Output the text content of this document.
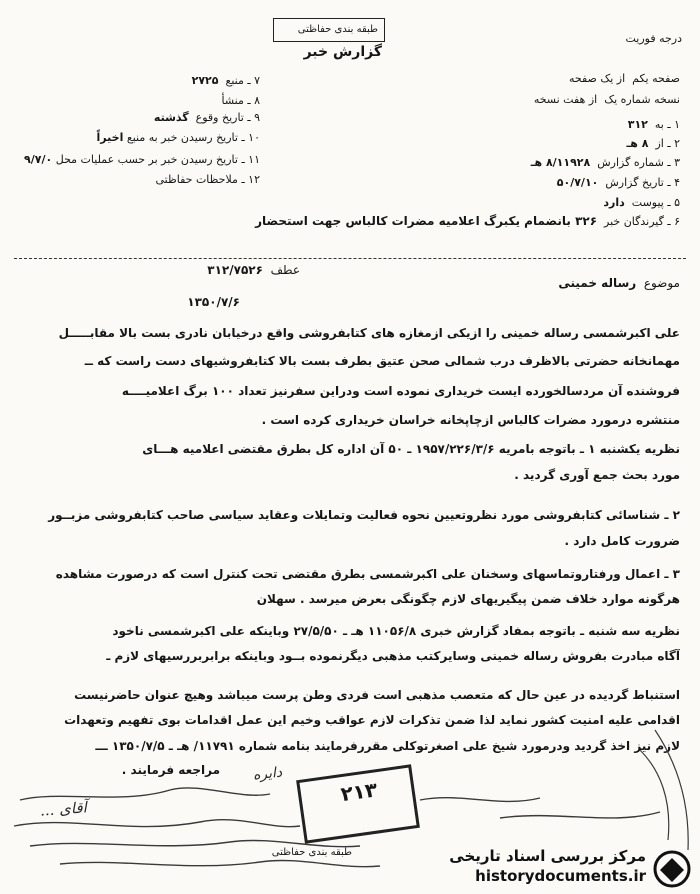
طبقه بندی حفاظتی
گزارش خبر
درجه فوریت
صفحه یکم  از یک صفحه
نسخه شماره یک  از هفت نسخه
۱ ـ به  ۳۱۲
۲ ـ از  ۸ هـ
۳ ـ شماره گزارش  ۸/۱۱۹۲۸ هـ
۴ ـ تاریخ گزارش  ۵۰/۷/۱۰
۵ ـ پیوست  دارد
۶ ـ گیرندگان خبر  ۳۲۶ بانضمام یکبرگ اعلامیه مضرات کالباس جهت استحضار
۷ ـ منبع  ۲۷۲۵
۸ ـ منشأ
۹ ـ تاریخ وقوع  گذشته
۱۰ ـ تاریخ رسیدن خبر به منبع اخیراً
۱۱ ـ تاریخ رسیدن خبر بر حسب عملیات محل ۹/۷/۰
۱۲ ـ ملاحظات حفاظتی
موضوع  رساله خمینی
عطف  ۳۱۲/۷۵۲۶
۱۳۵۰/۷/۶
علی اکبرشمسی رساله خمینی را ازیکی ازمغازه های کتابفروشی واقع درخیابان نادری بست بالا مقابـــــل
مهمانخانه حضرتی بالاظرف درب شمالی صحن عتیق بطرف بست بالا کتابفروشیهای دست راست که ــ
فروشنده آن مردسالخورده ایست خریداری نموده است ودراین سفرنیز تعداد ۱۰۰ برگ اعلامیــــه
منتشره درمورد مضرات کالباس ازچاپخانه خراسان خریداری کرده است .
نظریه یکشنبه ۱ ـ باتوجه بامریه ۱۹۵۷/۲۲۶/۳/۶ ـ ۵۰ آن اداره کل بطرق مقتضی اعلامیه هـــای
مورد بحث جمع آوری گردید .
۲ ـ شناسائی کتابفروشی مورد نظروتعیین نحوه فعالیت وتمایلات وعقاید سیاسی صاحب کتابفروشی مزبــور
ضرورت کامل دارد .
۳ ـ اعمال ورفتاروتماسهای وسخنان علی اکبرشمسی بطرق مقتضی تحت کنترل است که درصورت مشاهده
هرگونه موارد خلاف ضمن پیگیریهای لازم چگونگی بعرض میرسد . سهلان
نظریه سه شنبه ـ باتوجه بمفاد گزارش خبری ۱۱۰۵۶/۸ هـ ـ ۲۷/۵/۵۰ وباینکه علی اکبرشمسی ناخود
آگاه مبادرت بفروش رساله خمینی وسایرکتب مذهبی دیگرنموده بــود وباینکه برابربررسیهای لازم ـ
استنباط گردیده در عین حال که متعصب مذهبی است فردی وطن پرست میباشد وهیچ عنوان حاضرنیست
اقدامی علیه امنیت کشور نماید لذا ضمن تذکرات لازم عواقب وخیم این عمل اقدامات بوی تفهیم وتعهدات
لازم نیز اخذ گردید ودرمورد شیخ علی اصغرتوکلی مقررفرمایند بنامه شماره ۱۱۷۹۱/ هـ ـ ۱۳۵۰/۷/۵ ـــ
مراجعه فرمایند .
۲۱۳
طبقه بندی حفاظتی
دایره
آقای ...
مرکز بررسی اسناد تاریخی
historydocuments.ir
